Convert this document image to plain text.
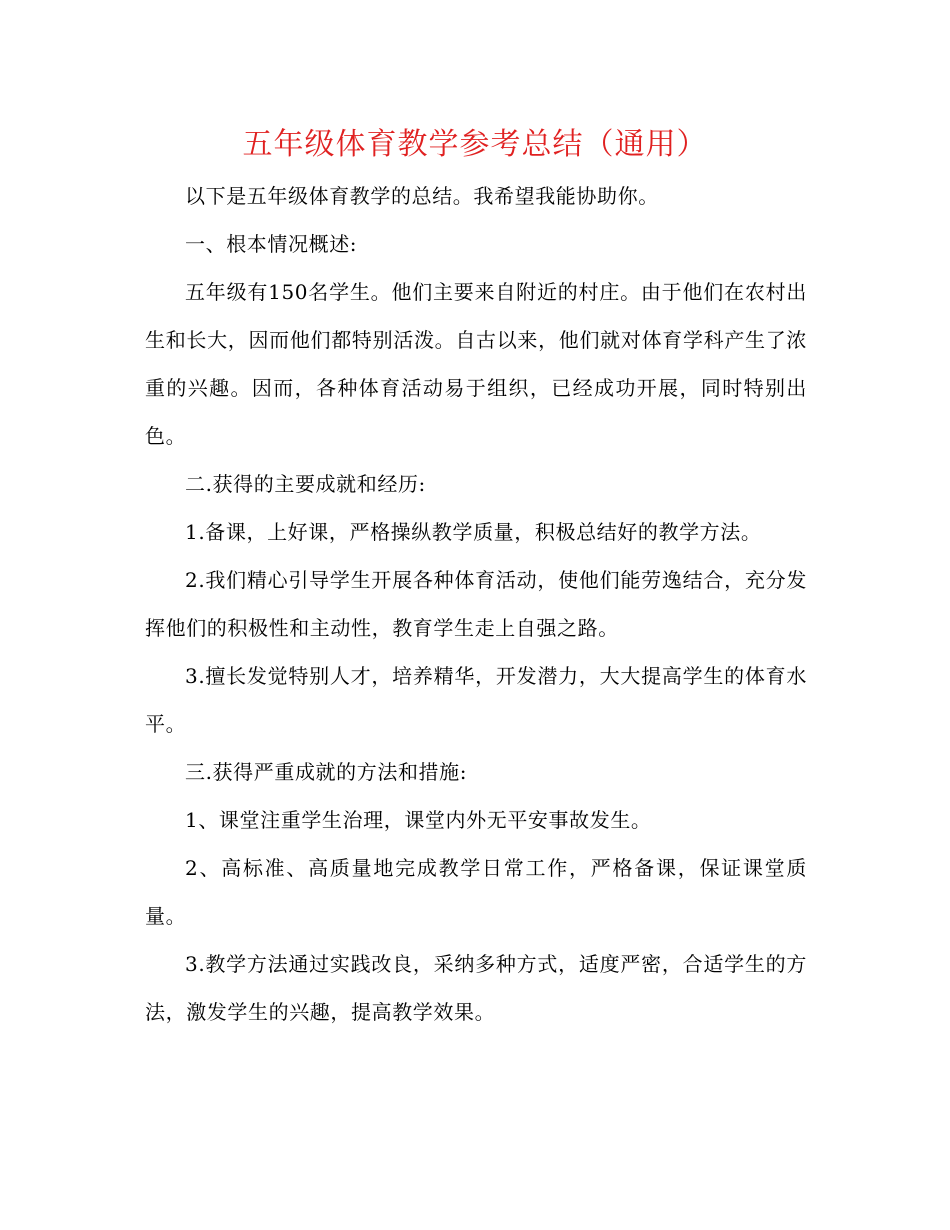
五年级体育教学参考总结（通用）

以下是五年级体育教学的总结。我希望我能协助你。

一、根本情况概述:

五年级有150名学生。他们主要来自附近的村庄。由于他们在农村出生和长大，因而他们都特别活泼。自古以来，他们就对体育学科产生了浓重的兴趣。因而，各种体育活动易于组织，已经成功开展，同时特别出色。

二.获得的主要成就和经历:

1.备课，上好课，严格操纵教学质量，积极总结好的教学方法。

2.我们精心引导学生开展各种体育活动，使他们能劳逸结合，充分发挥他们的积极性和主动性，教育学生走上自强之路。

3.擅长发觉特别人才，培养精华，开发潜力，大大提高学生的体育水平。

三.获得严重成就的方法和措施:

1、课堂注重学生治理，课堂内外无平安事故发生。

2、高标准、高质量地完成教学日常工作，严格备课，保证课堂质量。

3.教学方法通过实践改良，采纳多种方式，适度严密，合适学生的方法，激发学生的兴趣，提高教学效果。
